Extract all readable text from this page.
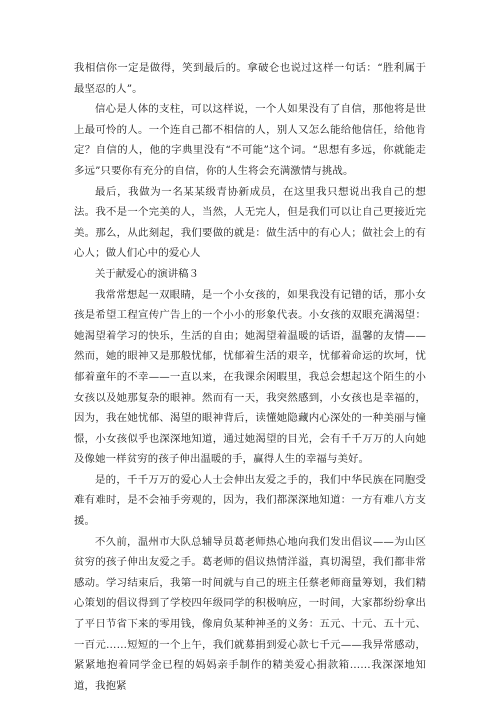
我相信你一定是做得，笑到最后的。拿破仑也说过这样一句话：“胜利属于最坚忍的人”。

信心是人体的支柱，可以这样说，一个人如果没有了自信，那他将是世上最可怜的人。一个连自己都不相信的人，别人又怎么能给他信任，给他肯定？自信的人，他的字典里没有“不可能”这个词。“思想有多远，你就能走多远”只要你有充分的自信，你的人生将会充满激情与挑战。

最后，我做为一名某某级青协新成员，在这里我只想说出我自己的想法。我不是一个完美的人，当然，人无完人，但是我们可以让自己更接近完美。那么，从此刻起，我们要做的就是：做生活中的有心人；做社会上的有心人；做人们心中的爱心人

关于献爱心的演讲稿３

我常常想起一双眼睛，是一个小女孩的，如果我没有记错的话，那小女孩是希望工程宣传广告上的一个小小的形象代表。小女孩的双眼充满渴望：她渴望着学习的快乐，生活的自由；她渴望着温暖的话语，温馨的友情——然而，她的眼神又是那般忧郁，忧郁着生活的艰辛，忧郁着命运的坎坷，忧郁着童年的不幸——一直以来，在我课余闲暇里，我总会想起这个陌生的小女孩以及她那复杂的眼神。然而有一天，我突然感到，小女孩也是幸福的，因为，我在她忧郁、渴望的眼神背后，读懂她隐藏内心深处的一种美丽与憧憬，小女孩似乎也深深地知道，通过她渴望的目光，会有千千万万的人向她及像她一样贫穷的孩子伸出温暖的手，赢得人生的幸福与美好。

是的，千千万万的爱心人士会伸出友爱之手的，我们中华民族在同胞受难有难时，是不会袖手旁观的，因为，我们都深深地知道：一方有难八方支援。

不久前，温州市大队总辅导员葛老师热心地向我们发出倡议——为山区贫穷的孩子伸出友爱之手。葛老师的倡议热情洋溢，真切渴望，我们都非常感动。学习结束后，我第一时间就与自己的班主任蔡老师商量筹划，我们精心策划的倡议得到了学校四年级同学的积极响应，一时间，大家都纷纷拿出了平日节省下来的零用钱，像肩负某种神圣的义务：五元、十元、五十元、一百元……短短的一个上午，我们就募捐到爱心款七千元——我异常感动，紧紧地抱着同学金已程的妈妈亲手制作的精美爱心捐款箱……我深深地知道，我抱紧
